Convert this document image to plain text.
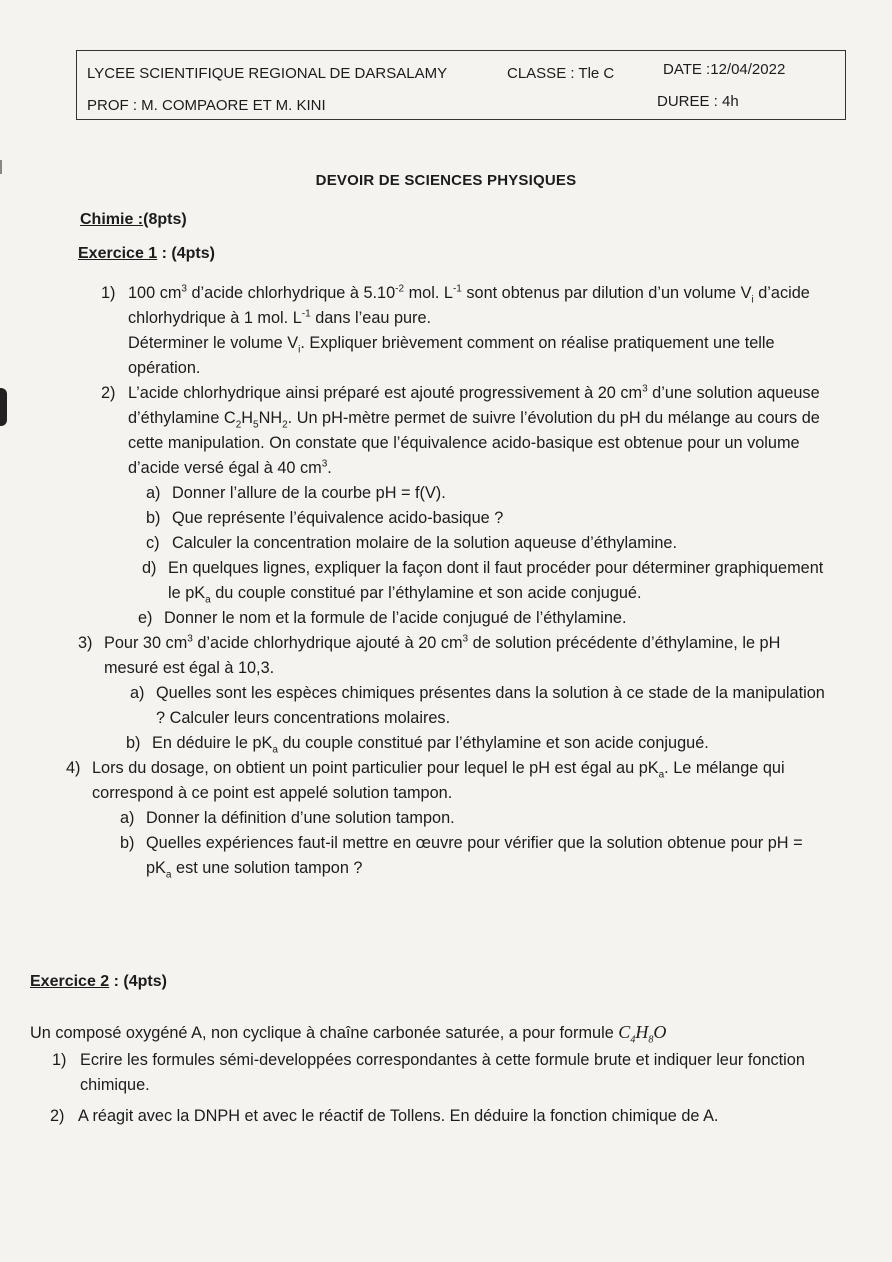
LYCEE SCIENTIFIQUE REGIONAL DE DARSALAMY	CLASSE : Tle C	DATE :12/04/2022
PROF : M. COMPAORE ET M. KINI	DUREE : 4h
DEVOIR DE SCIENCES PHYSIQUES
Chimie :(8pts)
Exercice 1 : (4pts)
1) 100 $cm^3$ d’acide chlorhydrique à $5.10^{-2}$ mol. $L^{-1}$ sont obtenus par dilution d’un volume $V_i$ d’acide chlorhydrique à 1 mol. $L^{-1}$ dans l’eau pure.
Déterminer le volume $V_i$. Expliquer brièvement comment on réalise pratiquement une telle opération.
2) L’acide chlorhydrique ainsi préparé est ajouté progressivement à 20 $cm^3$ d’une solution aqueuse d’éthylamine $C_2H_5NH_2$. Un pH-mètre permet de suivre l’évolution du pH du mélange au cours de cette manipulation. On constate que l’équivalence acido-basique est obtenue pour un volume d’acide versé égal à 40 $cm^3$.
a) Donner l’allure de la courbe pH = f(V).
b) Que représente l’équivalence acido-basique ?
c) Calculer la concentration molaire de la solution aqueuse d’éthylamine.
d) En quelques lignes, expliquer la façon dont il faut procéder pour déterminer graphiquement le $pK_a$ du couple constitué par l’éthylamine et son acide conjugué.
e) Donner le nom et la formule de l’acide conjugué de l’éthylamine.
3) Pour 30 $cm^3$ d’acide chlorhydrique ajouté à 20 $cm^3$ de solution précédente d’éthylamine, le pH mesuré est égal à 10,3.
a) Quelles sont les espèces chimiques présentes dans la solution à ce stade de la manipulation ? Calculer leurs concentrations molaires.
b) En déduire le $pK_a$ du couple constitué par l’éthylamine et son acide conjugué.
4) Lors du dosage, on obtient un point particulier pour lequel le pH est égal au $pK_a$. Le mélange qui correspond à ce point est appelé solution tampon.
a) Donner la définition d’une solution tampon.
b) Quelles expériences faut-il mettre en œuvre pour vérifier que la solution obtenue pour pH = $pK_a$ est une solution tampon ?
Exercice 2 : (4pts)
Un composé oxygéné A, non cyclique à chaîne carbonée saturée, a pour formule $C_4H_8O$
1) Ecrire les formules sémi-developpées correspondantes à cette formule brute et indiquer leur fonction chimique.
2) A réagit avec la DNPH et avec le réactif de Tollens. En déduire la fonction chimique de A.
